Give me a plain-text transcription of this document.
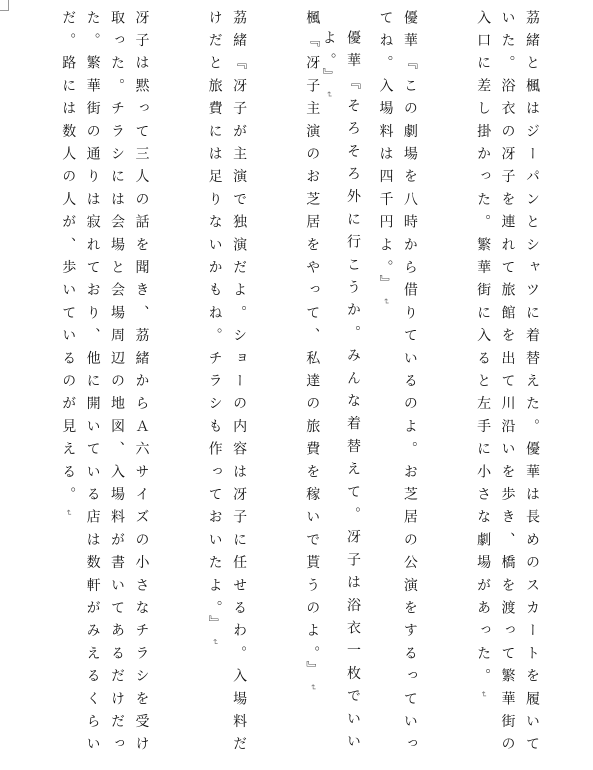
優華『そろそろ外に行こうか。みんな着替えて。冴子は浴衣一枚でいいよ。』↵

	茘緒と楓はジーパンとシャツに着替えた。優華は長めのスカートを履いていた。浴衣の冴子を連れて旅館を出て川沿いを歩き、橋を渡って繁華街の入口に差し掛かった。繁華街に入ると左手に小さな劇場があった。↵

優華『この劇場を八時から借りているのよ。お芝居の公演をするっていってね。入場料は四千円よ。』↵

楓『冴子主演のお芝居をやって、私達の旅費を稼いで貰うのよ。』↵

茘緒『冴子が主演で独演だよ。ショーの内容は冴子に任せるわ。入場料だけだと旅費には足りないかもね。チラシも作っておいたよ。』↵

冴子は黙って三人の話を聞き、茘緒からＡ六サイズの小さなチラシを受け取った。チラシには会場と会場周辺の地図、入場料が書いてあるだけだった。繁華街の通りは寂れており、他に開いている店は数軒がみえるくらいだ。路には数人の人が、歩いているのが見える。↵
